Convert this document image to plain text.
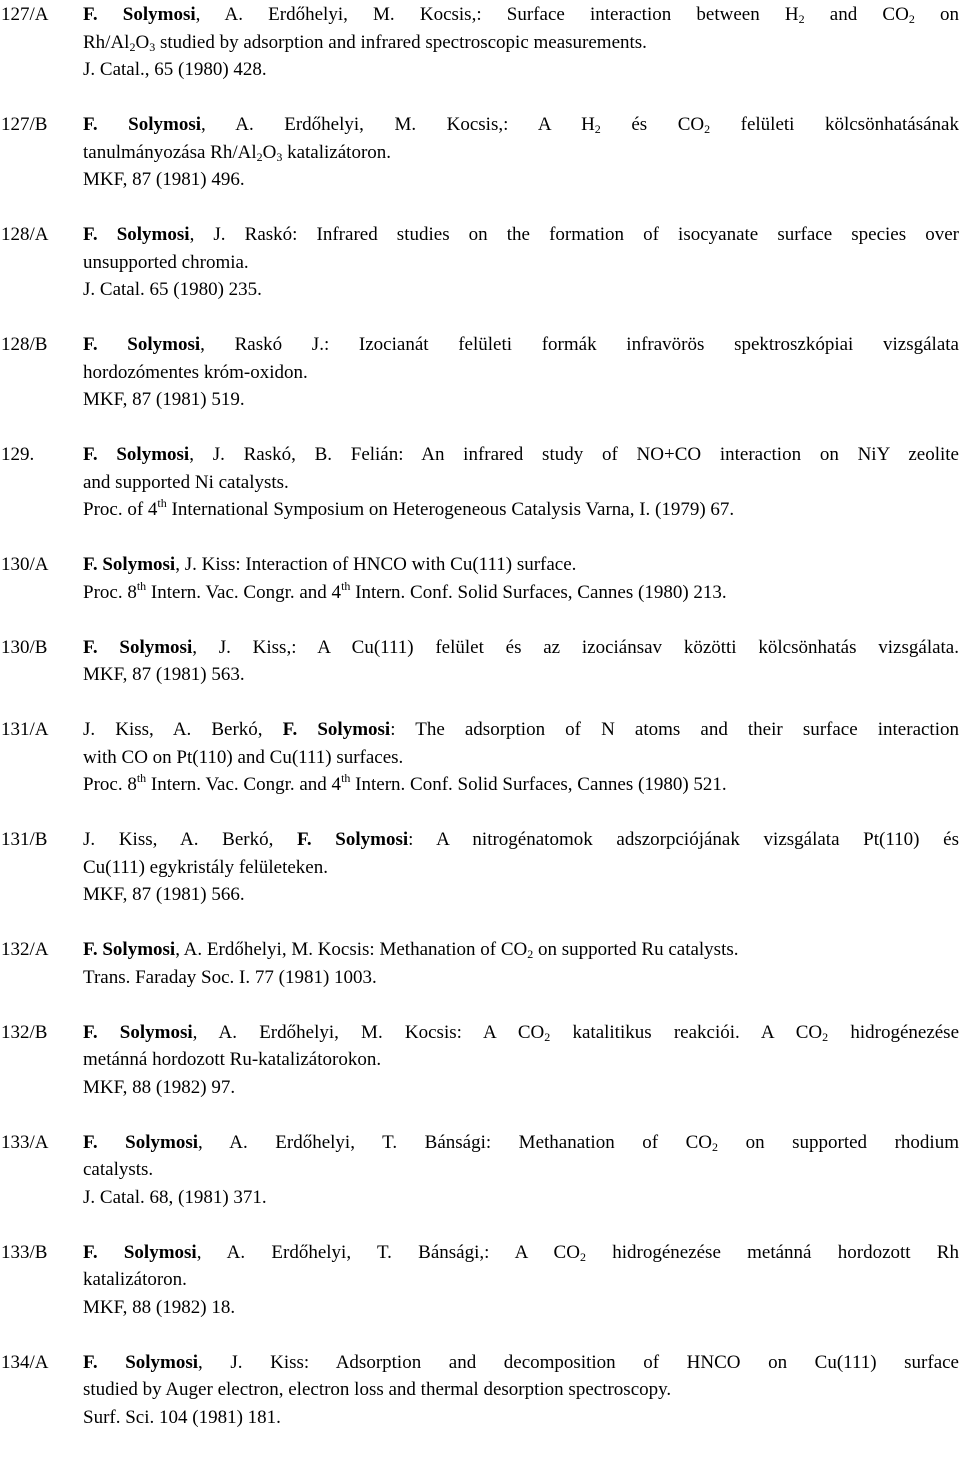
127/A	F. Solymosi, A. Erdőhelyi, M. Kocsis,: Surface interaction between $H_2$ and $CO_2$ on
$Rh/Al_2O_3$ studied by adsorption and infrared spectroscopic measurements.
J. Catal., 65 (1980) 428.
127/B	F. Solymosi, A. Erdőhelyi, M. Kocsis,: A $H_2$ és $CO_2$ felületi kölcsönhatásának
tanulmányozása $Rh/Al_2O_3$ katalizátoron.
MKF, 87 (1981) 496.
128/A	F. Solymosi, J. Raskó: Infrared studies on the formation of isocyanate surface species over
unsupported chromia.
J. Catal. 65 (1980) 235.
128/B	F. Solymosi, Raskó J.: Izocianát felületi formák infravörös spektroszkópiai vizsgálata
hordozómentes króm-oxidon.
MKF, 87 (1981) 519.
129.	F. Solymosi, J. Raskó, B. Felián: An infrared study of NO+CO interaction on NiY zeolite
and supported Ni catalysts.
Proc. of 4th International Symposium on Heterogeneous Catalysis Varna, I. (1979) 67.
130/A	F. Solymosi, J. Kiss: Interaction of HNCO with Cu(111) surface.
Proc. 8th Intern. Vac. Congr. and 4th Intern. Conf. Solid Surfaces, Cannes (1980) 213.
130/B	F. Solymosi, J. Kiss,: A Cu(111) felület és az izociánsav közötti kölcsönhatás vizsgálata.
MKF, 87 (1981) 563.
131/A	J. Kiss, A. Berkó, F. Solymosi: The adsorption of N atoms and their surface interaction
with CO on Pt(110) and Cu(111) surfaces.
Proc. 8th Intern. Vac. Congr. and 4th Intern. Conf. Solid Surfaces, Cannes (1980) 521.
131/B	J. Kiss, A. Berkó, F. Solymosi: A nitrogénatomok adszorpciójának vizsgálata Pt(110) és
Cu(111) egykristály felületeken.
MKF, 87 (1981) 566.
132/A	F. Solymosi, A. Erdőhelyi, M. Kocsis: Methanation of $CO_2$ on supported Ru catalysts.
Trans. Faraday Soc. I. 77 (1981) 1003.
132/B	F. Solymosi, A. Erdőhelyi, M. Kocsis: A $CO_2$ katalitikus reakciói. A $CO_2$ hidrogénezése
metánná hordozott Ru-katalizátorokon.
MKF, 88 (1982) 97.
133/A	F. Solymosi, A. Erdőhelyi, T. Bánsági: Methanation of $CO_2$ on supported rhodium
catalysts.
J. Catal. 68, (1981) 371.
133/B	F. Solymosi, A. Erdőhelyi, T. Bánsági,: A $CO_2$ hidrogénezése metánná hordozott Rh
katalizátoron.
MKF, 88 (1982) 18.
134/A	F. Solymosi, J. Kiss: Adsorption and decomposition of HNCO on Cu(111) surface
studied by Auger electron, electron loss and thermal desorption spectroscopy.
Surf. Sci. 104 (1981) 181.
